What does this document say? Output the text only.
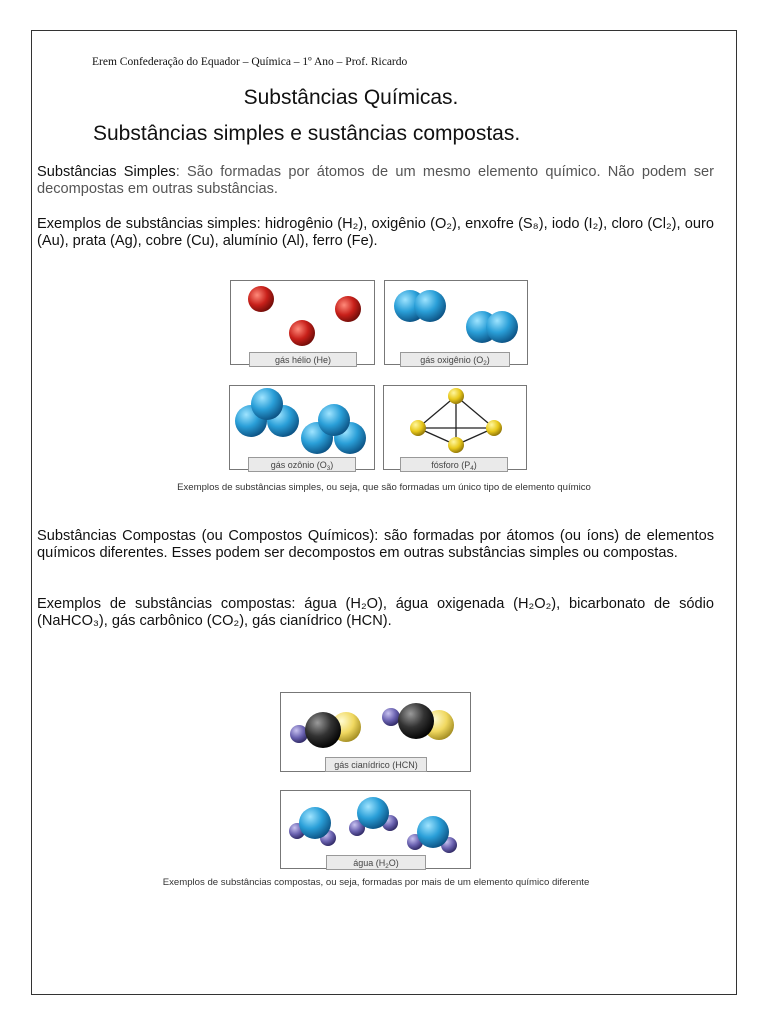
Erem Confederação do Equador – Química – 1º Ano – Prof. Ricardo
Substâncias Químicas.
Substâncias simples e sustâncias compostas.
Substâncias Simples: São formadas por átomos de um mesmo elemento químico. Não podem ser decompostas em outras substâncias.
Exemplos de substâncias simples: hidrogênio (H₂), oxigênio (O₂), enxofre (S₈), iodo (I₂), cloro (Cl₂), ouro (Au), prata (Ag), cobre (Cu), alumínio (Al), ferro (Fe).
gás hélio (He)	gás oxigênio $(O_2)$
gás ozônio $(O_3)$	fósforo $(P_4)$
Exemplos de substâncias simples, ou seja, que são formadas um único tipo de elemento químico
Substâncias Compostas (ou Compostos Químicos): são formadas por átomos (ou íons) de elementos químicos diferentes. Esses podem ser decompostos em outras substâncias simples ou compostas.
Exemplos de substâncias compostas: água (H₂O), água oxigenada (H₂O₂), bicarbonato de sódio (NaHCO₃), gás carbônico (CO₂), gás cianídrico (HCN).
gás cianídrico (HCN)
água $(H_2O)$
Exemplos de substâncias compostas, ou seja, formadas por mais de um elemento químico diferente
